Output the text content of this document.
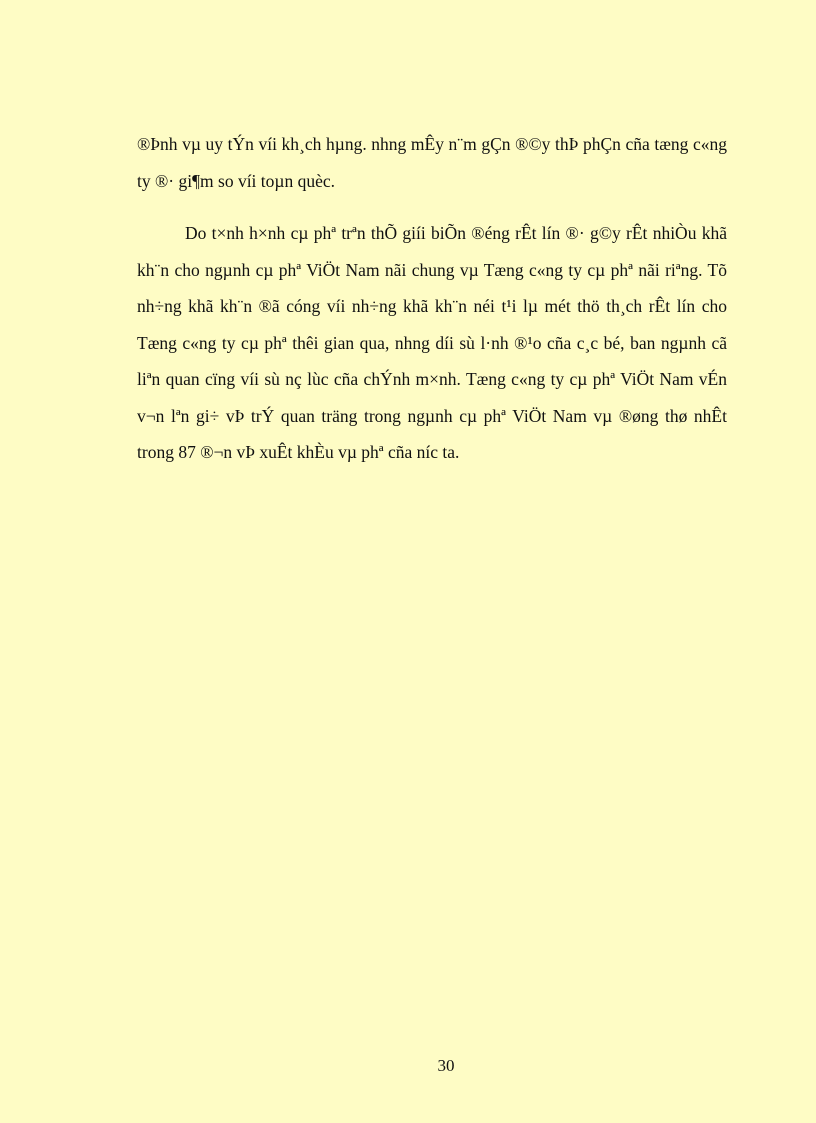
®Þnh vµ uy tÝn víi kh¸ch hµng. nhng mÊy n¨m gÇn ®©y thÞ phÇn cña tæng c«ng ty ®· gi¶m so víi toµn quèc.

Do t×nh h×nh cµ phª trªn thÕ giíi biÕn ®éng rÊt lín ®· g©y rÊt nhiÒu khã kh¨n cho ngµnh cµ phª ViÖt Nam nãi chung vµ Tæng c«ng ty cµ phª nãi riªng. Tõ nh÷ng khã kh¨n ®ã cóng víi nh÷ng khã kh¨n néi t¹i lµ mét thö th¸ch rÊt lín cho Tæng c«ng ty cµ phª thêi gian qua, nhng díi sù l·nh ®¹o cña c¸c bé, ban ngµnh cã liªn quan cïng víi sù nç lùc cña chÝnh m×nh. Tæng c«ng ty cµ phª ViÖt Nam vÉn v¬n lªn gi÷ vÞ trÝ quan träng trong ngµnh cµ phª ViÖt Nam vµ ®øng thø nhÊt trong 87 ®¬n vÞ xuÊt khÈu vµ phª cña níc ta.

30
